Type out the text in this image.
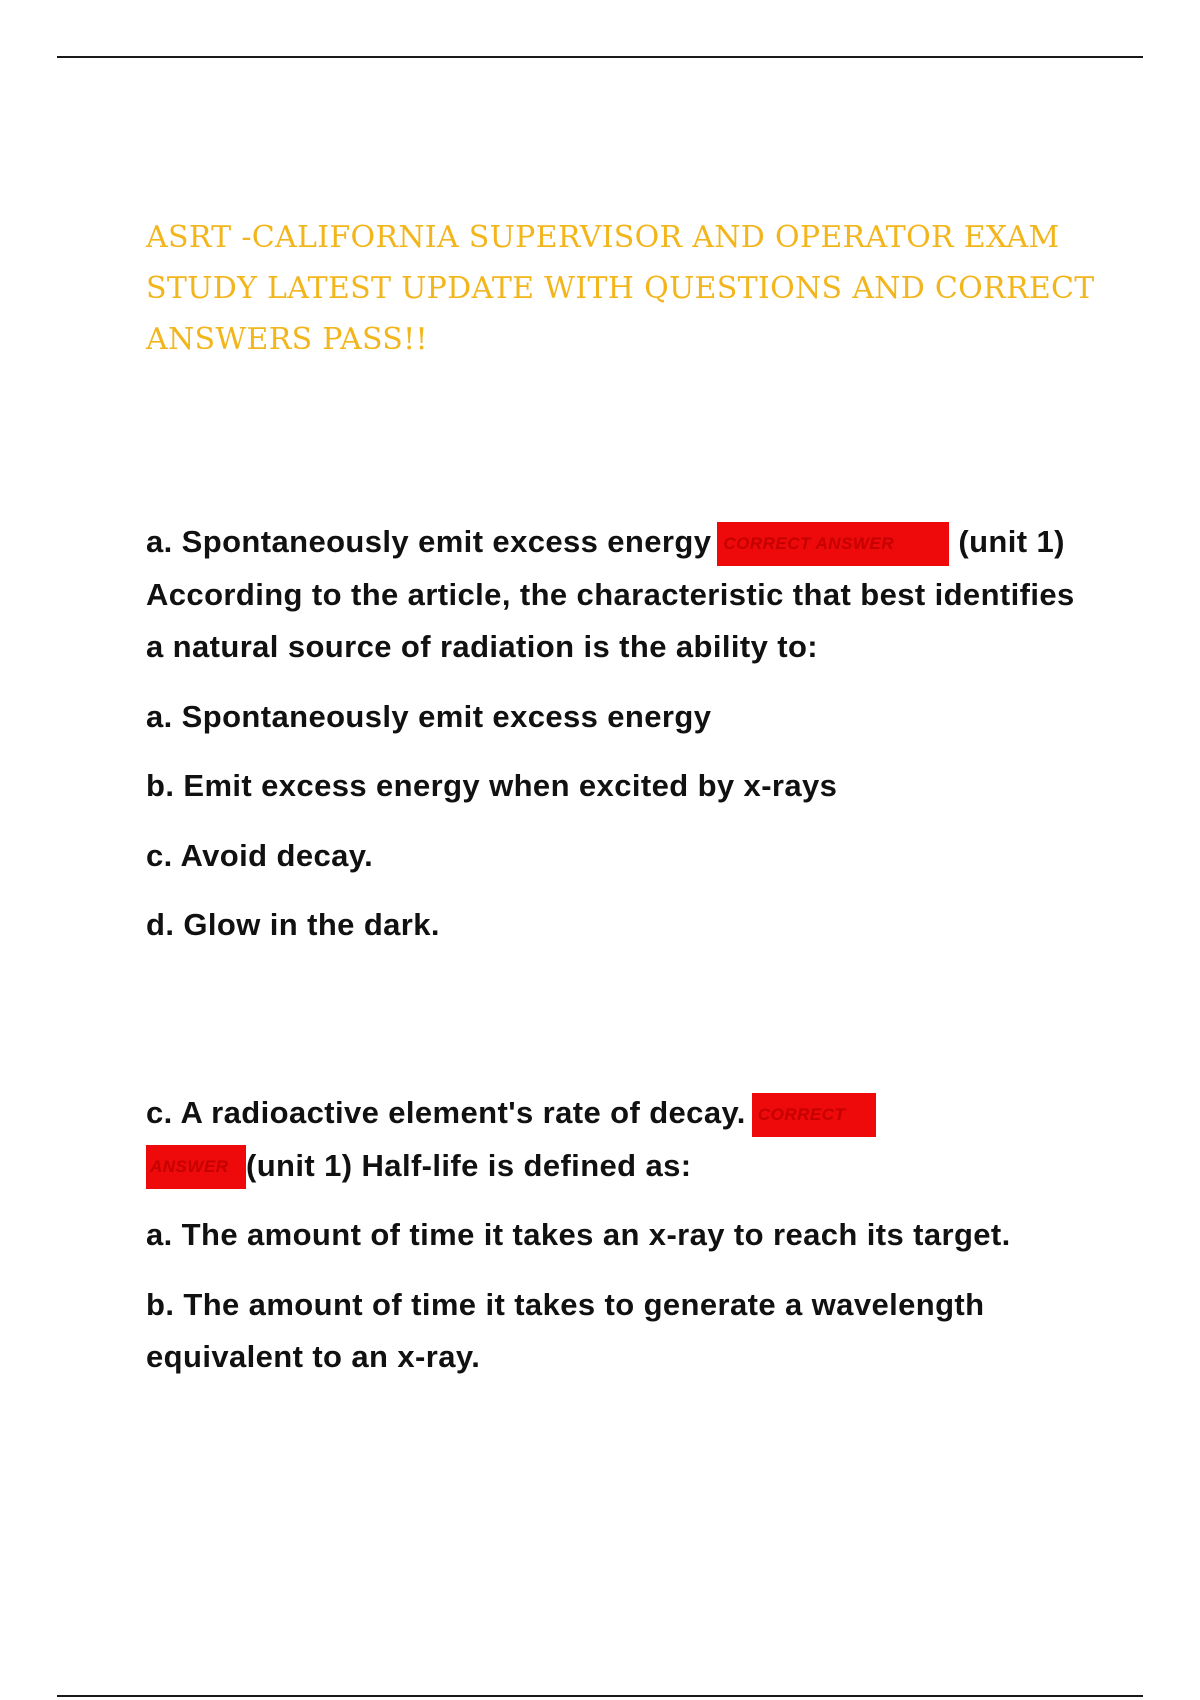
ASRT -CALIFORNIA SUPERVISOR AND OPERATOR EXAM STUDY LATEST UPDATE WITH QUESTIONS AND CORRECT ANSWERS PASS!!

a. Spontaneously emit excess energy CORRECT ANSWER (unit 1) According to the article, the characteristic that best identifies a natural source of radiation is the ability to:

a. Spontaneously emit excess energy

b. Emit excess energy when excited by x-rays

c. Avoid decay.

d. Glow in the dark.

c. A radioactive element's rate of decay. CORRECT
ANSWER (unit 1) Half-life is defined as:

a. The amount of time it takes an x-ray to reach its target.

b. The amount of time it takes to generate a wavelength equivalent to an x-ray.
